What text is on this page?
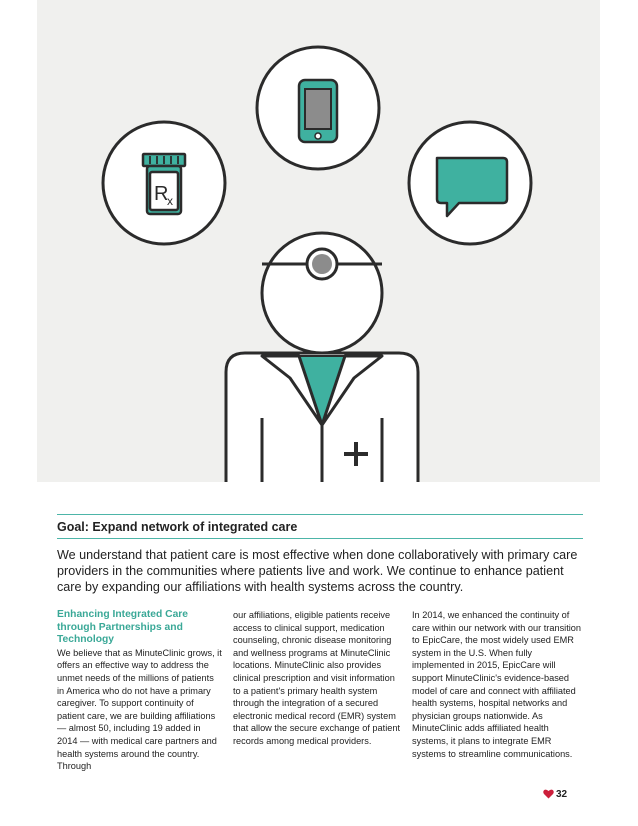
R
x
Goal: Expand network of integrated care
We understand that patient care is most effective when done collaboratively with primary care providers in the communities where patients live and work. We continue to enhance patient care by expanding our affiliations with health systems across the country.
Enhancing Integrated Care through Partnerships and Technology
We believe that as MinuteClinic grows, it offers an effective way to address the unmet needs of the millions of patients in America who do not have a primary caregiver. To support continuity of patient care, we are building affiliations — almost 50, including 19 added in 2014 — with medical care partners and health systems around the country. Through
our affiliations, eligible patients receive access to clinical support, medication counseling, chronic disease monitoring and wellness programs at MinuteClinic locations. MinuteClinic also provides clinical prescription and visit information to a patient's primary health system through the integration of a secured electronic medical record (EMR) system that allow the secure exchange of patient records among medical providers.
In 2014, we enhanced the continuity of care within our network with our transition to EpicCare, the most widely used EMR system in the U.S. When fully implemented in 2015, EpicCare will support MinuteClinic's evidence-based model of care and connect with affiliated health systems, hospital networks and physician groups nationwide. As MinuteClinic adds affiliated health systems, it plans to integrate EMR systems to streamline communications.
32
